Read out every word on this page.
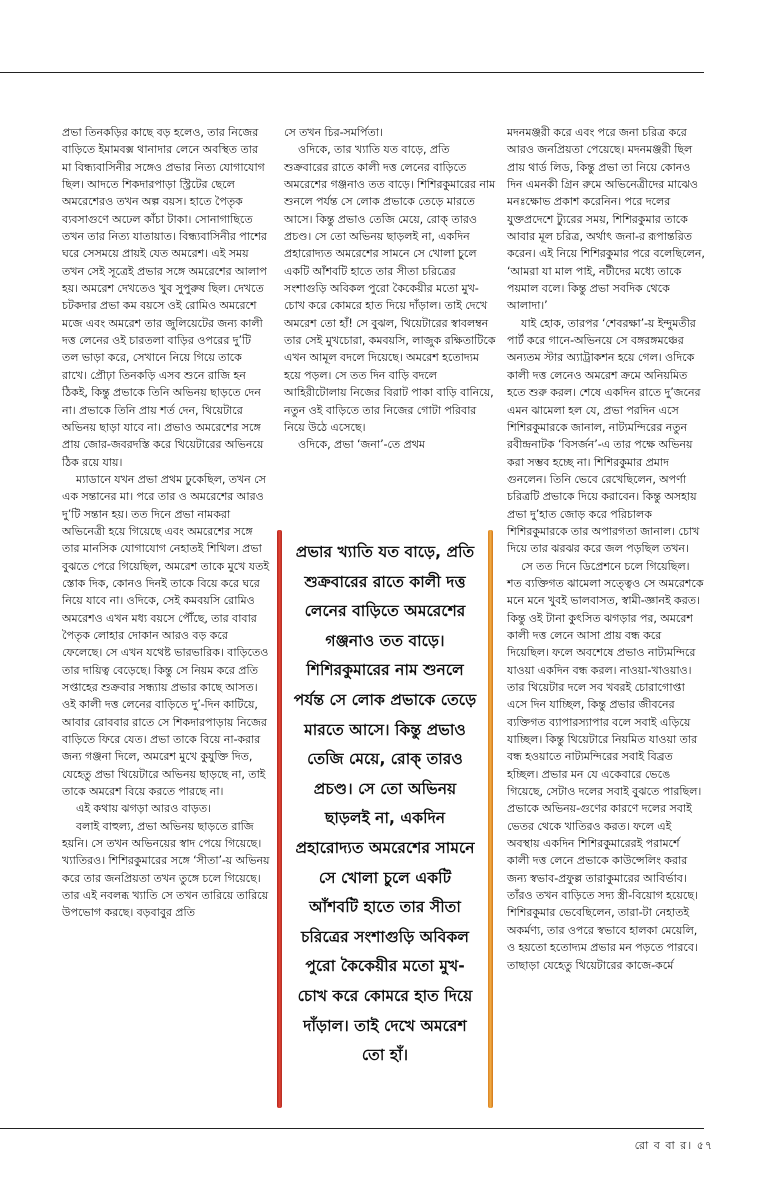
প্রভা তিনকড়ির কাছে বড় হলেও, তার নিজের বাড়িতে ইমামবক্স থানাদার লেনে অবস্থিত তার মা বিন্ধ্যবাসিনীর সঙ্গেও প্রভার নিত্য যোগাযোগ ছিল। আদতে শিকদারপাড়া স্ট্রিটের ছেলে অমরেশেরও তখন অল্প বয়স। হাতে পৈতৃক ব্যবসাগুণে অঢেল কাঁচা টাকা। সোনাগাছিতে তখন তার নিত্য যাতায়াত। বিন্ধ্যবাসিনীর পাশের ঘরে সেসময়ে প্রায়ই যেত অমরেশ। এই সময় তখন সেই সূত্রেই প্রভার সঙ্গে অমরেশের আলাপ হয়। অমরেশ দেখতেও খুব সুপুরুষ ছিল। দেখতে চটকদার প্রভা কম বয়সে ওই রোমিও অমরেশে মজে এবং অমরেশ তার জুলিয়েটের জন্য কালী দত্ত লেনের ওই চারতলা বাড়ির ওপরের দু’টি তল ভাড়া করে, সেখানে নিয়ে গিয়ে তাকে রাখে। প্রৌঢ়া তিনকড়ি এসব শুনে রাজি হন ঠিকই, কিন্তু প্রভাকে তিনি অভিনয় ছাড়তে দেন না। প্রভাকে তিনি প্রায় শর্ত দেন, থিয়েটারে অভিনয় ছাড়া যাবে না। প্রভাও অমরেশের সঙ্গে প্রায় জোর-জবরদস্তি করে থিয়েটারের অভিনয়ে ঠিক রয়ে যায়।

ম্যাডানে যখন প্রভা প্রথম ঢুকেছিল, তখন সে এক সন্তানের মা। পরে তার ও অমরেশের আরও দু’টি সন্তান হয়। তত দিনে প্রভা নামকরা অভিনেত্রী হয়ে গিয়েছে এবং অমরেশের সঙ্গে তার মানসিক যোগাযোগ নেহাতই শিথিল। প্রভা বুঝতে পেরে গিয়েছিল, অমরেশ তাকে মুখে যতই স্তোক দিক, কোনও দিনই তাকে বিয়ে করে ঘরে নিয়ে যাবে না। ওদিকে, সেই কমবয়সি রোমিও অমরেশও এখন মধ্য বয়সে পৌঁছে, তার বাবার পৈতৃক লোহার দোকান আরও বড় করে ফেলেছে। সে এখন যথেষ্ট ভারভারিক। বাড়িতেও তার দায়িত্ব বেড়েছে। কিন্তু সে নিয়ম করে প্রতি সপ্তাহের শুক্রবার সন্ধ্যায় প্রভার কাছে আসত। ওই কালী দত্ত লেনের বাড়িতে দু’-দিন কাটিয়ে, আবার রোববার রাতে সে শিকদারপাড়ায় নিজের বাড়িতে ফিরে যেত। প্রভা তাকে বিয়ে না-করার জন্য গঞ্জনা দিলে, অমরেশ মুখে কুযুক্তি দিত, যেহেতু প্রভা থিয়েটারে অভিনয় ছাড়ছে না, তাই তাকে অমরেশ বিয়ে করতে পারছে না।

এই কথায় ঝগড়া আরও বাড়ত।

বলাই বাহুল্য, প্রভা অভিনয় ছাড়তে রাজি হয়নি। সে তখন অভিনয়ের স্বাদ পেয়ে গিয়েছে। খ্যাতিরও। শিশিরকুমারের সঙ্গে ‘সীতা’-য় অভিনয় করে তার জনপ্রিয়তা তখন তুঙ্গে চলে গিয়েছে। তার এই নবলব্ধ খ্যাতি সে তখন তারিয়ে তারিয়ে উপভোগ করছে। বড়বাবুর প্রতি

সে তখন চির-সমর্পিতা।

ওদিকে, তার খ্যাতি যত বাড়ে, প্রতি শুক্রবারের রাতে কালী দত্ত লেনের বাড়িতে অমরেশের গঞ্জনাও তত বাড়ে। শিশিরকুমারের নাম শুনলে পর্যন্ত সে লোক প্রভাকে তেড়ে মারতে আসে। কিন্তু প্রভাও তেজি মেয়ে, রোক্ তারও প্রচণ্ড। সে তো অভিনয় ছাড়লই না, একদিন প্রহারোদ্যত অমরেশের সামনে সে খোলা চুলে একটি আঁশবটি হাতে তার সীতা চরিত্রের সংশাগুড়ি অবিকল পুরো কৈকেয়ীর মতো মুখ-চোখ করে কোমরে হাত দিয়ে দাঁড়াল। তাই দেখে অমরেশ তো হাঁ! সে বুঝল, থিয়েটারের স্বাবলম্বন তার সেই মুখচোরা, কমবয়সি, লাজুক রক্ষিতাটিকে এখন আমূল বদলে দিয়েছে। অমরেশ হতোদ্যম হয়ে পড়ল। সে তত দিন বাড়ি বদলে আহিরীটোলায় নিজের বিরাট পাকা বাড়ি বানিয়ে, নতুন ওই বাড়িতে তার নিজের গোটা পরিবার নিয়ে উঠে এসেছে।

ওদিকে, প্রভা ‘জনা’-তে প্রথম

প্রভার খ্যাতি যত বাড়ে, প্রতি শুক্রবারের রাতে কালী দত্ত লেনের বাড়িতে অমরেশের গঞ্জনাও তত বাড়ে। শিশিরকুমারের নাম শুনলে পর্যন্ত সে লোক প্রভাকে তেড়ে মারতে আসে। কিন্তু প্রভাও তেজি মেয়ে, রোক্ তারও প্রচণ্ড। সে তো অভিনয় ছাড়লই না, একদিন প্রহারোদ্যত অমরেশের সামনে সে খোলা চুলে একটি আঁশবটি হাতে তার সীতা চরিত্রের সংশাগুড়ি অবিকল পুরো কৈকেয়ীর মতো মুখ-চোখ করে কোমরে হাত দিয়ে দাঁড়াল। তাই দেখে অমরেশ তো হাঁ।

মদনমঞ্জরী করে এবং পরে জনা চরিত্র করে আরও জনপ্রিয়তা পেয়েছে। মদনমঞ্জরী ছিল প্রায় থার্ড লিড, কিন্তু প্রভা তা নিয়ে কোনও দিন এমনকী গ্রিন রুমে অভিনেত্রীদের মাঝেও মনঃক্ষোভ প্রকাশ করেনিন। পরে দলের যুক্তপ্রদেশে ট্যুরের সময়, শিশিরকুমার তাকে আবার মূল চরিত্র, অর্থাৎ জনা-র রূপান্তরিত করেন। এই নিয়ে শিশিরকুমার পরে বলেছিলেন, ‘আমরা যা মাল পাই, নটীদের মধ্যে তাকে পয়মাল বলে। কিন্তু প্রভা সবদিক থেকে আলাদা।’

যাই হোক, তারপর ‘শেবরক্ষা’-য় ইন্দুমতীর পার্ট করে গানে-অভিনয়ে সে বঙ্গরঙ্গমঞ্চের অন্যতম স্টার অ্যাট্রাকশন হয়ে গেল। ওদিকে কালী দত্ত লেনেও অমরেশ ক্রমে অনিয়মিত হতে শুরু করল। শেষে একদিন রাতে দু’জনের এমন ঝামেলা হল যে, প্রভা পরদিন এসে শিশিরকুমারকে জানাল, নাট্যমন্দিরের নতুন রবীন্দ্রনাটক ‘বিসর্জন’-এ তার পক্ষে অভিনয় করা সম্ভব হচ্ছে না। শিশিরকুমার প্রমাদ গুনলেন। তিনি ভেবে রেখেছিলেন, অপর্ণা চরিত্রটি প্রভাকে দিয়ে করাবেন। কিন্তু অসহায় প্রভা দু’হাত জোড় করে পরিচালক শিশিরকুমারকে তার অপারগতা জানাল। চোখ দিয়ে তার ঝরঝর করে জল পড়ছিল তখন।

সে তত দিনে ডিপ্রেশনে চলে গিয়েছিল। শত ব্যক্তিগত ঝামেলা সত্ত্বেও সে অমরেশকে মনে মনে খুবই ভালবাসত, স্বামী-জ্ঞানই করত। কিন্তু ওই টানা কুৎসিত ঝগড়ার পর, অমরেশ কালী দত্ত লেনে আসা প্রায় বন্ধ করে দিয়েছিল। ফলে অবশেষে প্রভাও নাট্যমন্দিরে যাওয়া একদিন বন্ধ করল। নাওয়া-খাওয়াও। তার থিয়েটার দলে সব খবরই চোরাগোপ্তা এসে দিন যাচ্ছিল, কিন্তু প্রভার জীবনের ব্যক্তিগত ব্যাপারস্যাপার বলে সবাই এড়িয়ে যাচ্ছিল। কিন্তু থিয়েটারে নিয়মিত যাওয়া তার বন্ধ হওয়াতে নাট্যমন্দিরের সবাই বিব্রত হচ্ছিল। প্রভার মন যে একেবারে ভেঙে গিয়েছে, সেটাও দলের সবাই বুঝতে পারছিল। প্রভাকে অভিনয়-গুণের কারণে দলের সবাই ভেতর থেকে খাতিরও করত। ফলে এই অবস্থায় একদিন শিশিরকুমারেরই পরামর্শে কালী দত্ত লেনে প্রভাকে কাউন্সেলিং করার জন্য স্বভাব-প্রফুল্ল তারাকুমারের আবির্ভাব। তাঁরও তখন বাড়িতে সদ্য স্ত্রী-বিয়োগ হয়েছে। শিশিরকুমার ভেবেছিলেন, তারা-টা নেহাতই অকর্মণ্য, তার ওপরে স্বভাবে হালকা মেয়েলি, ও হয়তো হতোদ্যম প্রভার মন পড়তে পারবে। তাছাড়া যেহেতু থিয়েটারের কাজে-কর্মে

রো ব বা র। ৫৭
